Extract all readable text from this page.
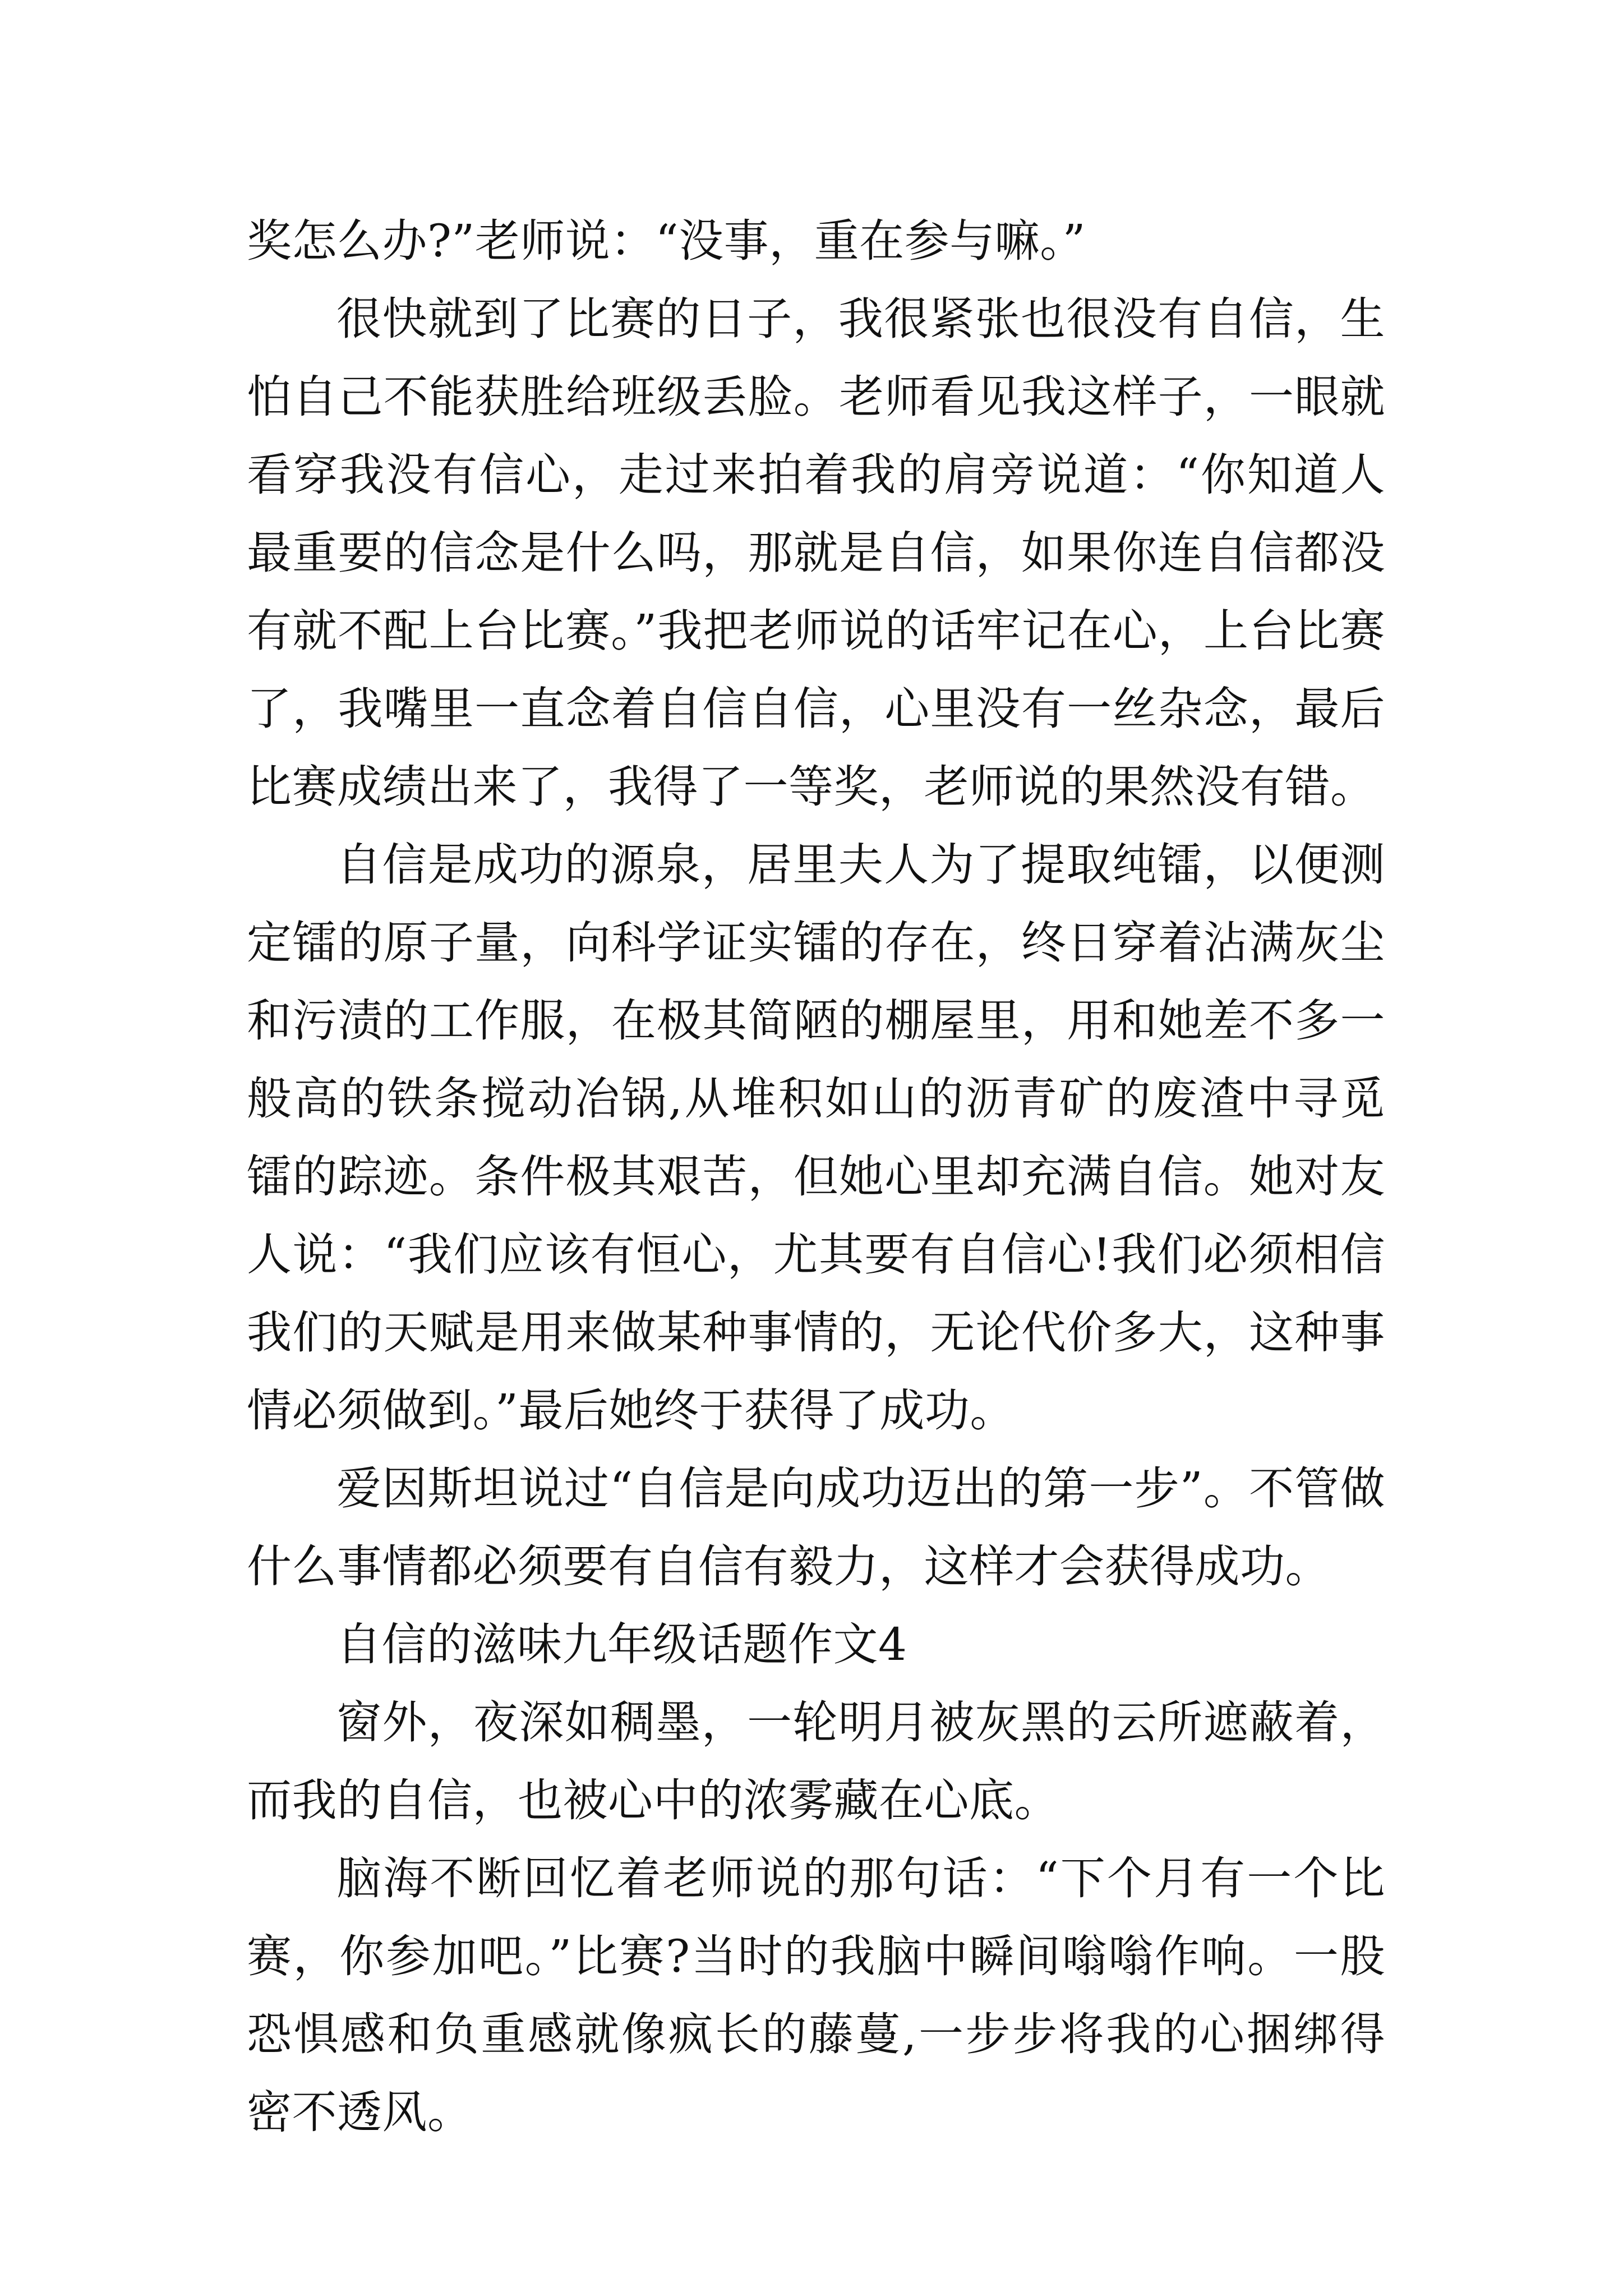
奖怎么办?”老师说：“没事，重在参与嘛。”

很快就到了比赛的日子，我很紧张也很没有自信，生怕自己不能获胜给班级丢脸。老师看见我这样子，一眼就看穿我没有信心，走过来拍着我的肩旁说道：“你知道人最重要的信念是什么吗，那就是自信，如果你连自信都没有就不配上台比赛。”我把老师说的话牢记在心，上台比赛了，我嘴里一直念着自信自信，心里没有一丝杂念，最后比赛成绩出来了，我得了一等奖，老师说的果然没有错。

自信是成功的源泉，居里夫人为了提取纯镭，以便测定镭的原子量，向科学证实镭的存在，终日穿着沾满灰尘和污渍的工作服，在极其简陋的棚屋里，用和她差不多一般高的铁条搅动冶锅,从堆积如山的沥青矿的废渣中寻觅镭的踪迹。条件极其艰苦，但她心里却充满自信。她对友人说：“我们应该有恒心，尤其要有自信心!我们必须相信我们的天赋是用来做某种事情的，无论代价多大，这种事情必须做到。”最后她终于获得了成功。

爱因斯坦说过“自信是向成功迈出的第一步”。不管做什么事情都必须要有自信有毅力，这样才会获得成功。

自信的滋味九年级话题作文4

窗外，夜深如稠墨，一轮明月被灰黑的云所遮蔽着，而我的自信，也被心中的浓雾藏在心底。

脑海不断回忆着老师说的那句话：“下个月有一个比赛，你参加吧。”比赛?当时的我脑中瞬间嗡嗡作响。一股恐惧感和负重感就像疯长的藤蔓,一步步将我的心捆绑得密不透风。
